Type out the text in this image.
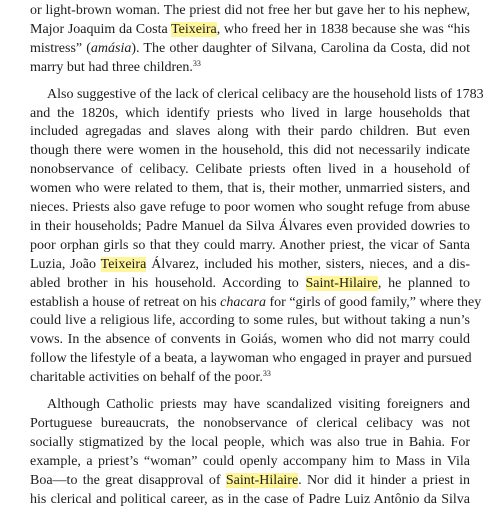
or light-brown woman. The priest did not free her but gave her to his nephew,
Major Joaquim da Costa Teixeira, who freed her in 1838 because she was “his
mistress” (amásia). The other daughter of Silvana, Carolina da Costa, did not
marry but had three children.$^{33}$
Also suggestive of the lack of clerical celibacy are the household lists of 1783
and the 1820s, which identify priests who lived in large households that
included agregadas and slaves along with their pardo children. But even
though there were women in the household, this did not necessarily indicate
nonobservance of celibacy. Celibate priests often lived in a household of
women who were related to them, that is, their mother, unmarried sisters, and
nieces. Priests also gave refuge to poor women who sought refuge from abuse
in their households; Padre Manuel da Silva Álvares even provided dowries to
poor orphan girls so that they could marry. Another priest, the vicar of Santa
Luzia, João Teixeira Álvarez, included his mother, sisters, nieces, and a dis-
abled brother in his household. According to Saint-Hilaire, he planned to
establish a house of retreat on his chacara for “girls of good family,” where they
could live a religious life, according to some rules, but without taking a nun’s
vows. In the absence of convents in Goiás, women who did not marry could
follow the lifestyle of a beata, a laywoman who engaged in prayer and pursued
charitable activities on behalf of the poor.$^{33}$
Although Catholic priests may have scandalized visiting foreigners and
Portuguese bureaucrats, the nonobservance of clerical celibacy was not
socially stigmatized by the local people, which was also true in Bahia. For
example, a priest’s “woman” could openly accompany him to Mass in Vila
Boa—to the great disapproval of Saint-Hilaire. Nor did it hinder a priest in
his clerical and political career, as in the case of Padre Luiz Antônio da Silva
